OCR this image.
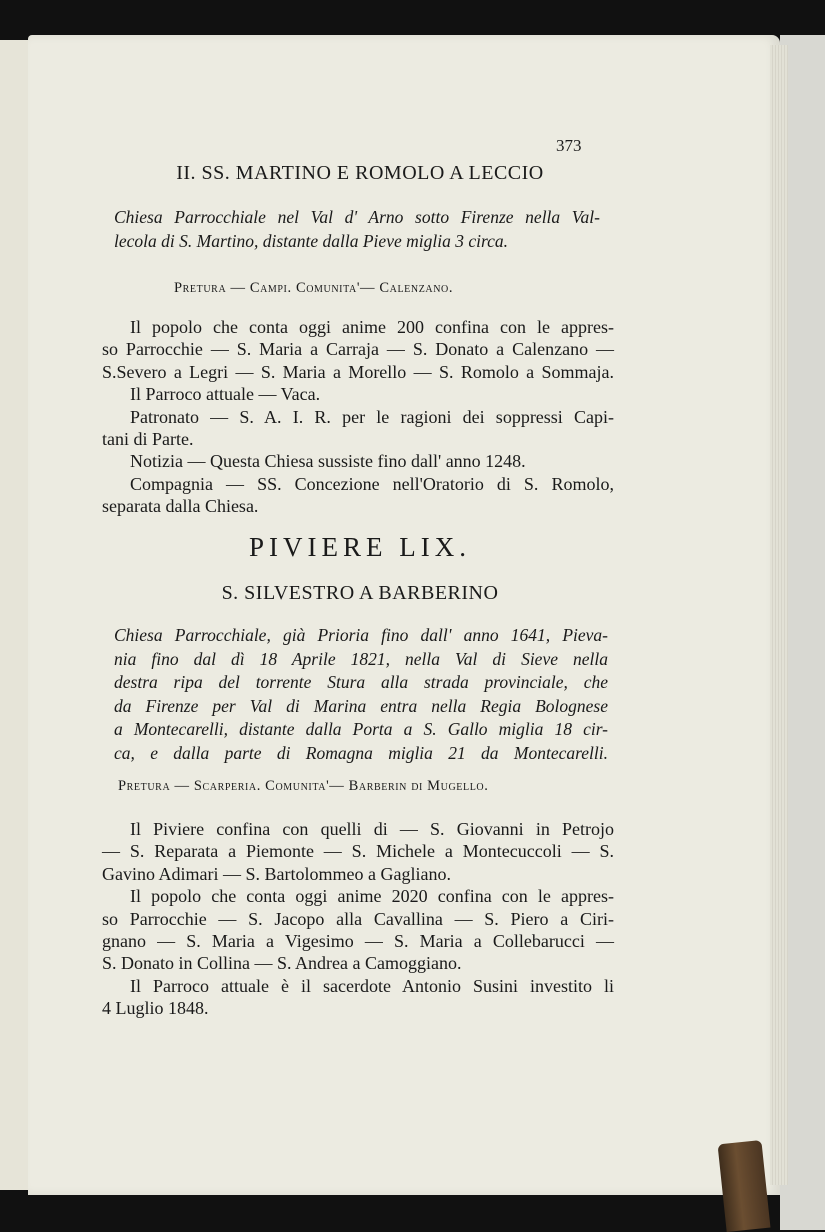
373
II. SS. MARTINO E ROMOLO A LECCIO
Chiesa Parrocchiale nel Val d' Arno sotto Firenze nella Val-
lecola di S. Martino, distante dalla Pieve miglia 3 circa.
Pretura — Campi. Comunita'— Calenzano.
Il popolo che conta oggi anime 200 confina con le appres-
so Parrocchie — S. Maria a Carraja — S. Donato a Calenzano —
S.Severo a Legri — S. Maria a Morello — S. Romolo a Sommaja.
Il Parroco attuale — Vaca.
Patronato — S. A. I. R. per le ragioni dei soppressi Capi-
tani di Parte.
Notizia — Questa Chiesa sussiste fino dall' anno 1248.
Compagnia — SS. Concezione nell'Oratorio di S. Romolo,
separata dalla Chiesa.
PIVIERE LIX.
S. SILVESTRO A BARBERINO
Chiesa Parrocchiale, già Prioria fino dall' anno 1641, Pieva-
nia fino dal dì 18 Aprile 1821, nella Val di Sieve nella
destra ripa del torrente Stura alla strada provinciale, che
da Firenze per Val di Marina entra nella Regia Bolognese
a Montecarelli, distante dalla Porta a S. Gallo miglia 18 cir-
ca, e dalla parte di Romagna miglia 21 da Montecarelli.
Pretura — Scarperia. Comunita'— Barberin di Mugello.
Il Piviere confina con quelli di — S. Giovanni in Petrojo
— S. Reparata a Piemonte — S. Michele a Montecuccoli — S.
Gavino Adimari — S. Bartolommeo a Gagliano.
Il popolo che conta oggi anime 2020 confina con le appres-
so Parrocchie — S. Jacopo alla Cavallina — S. Piero a Ciri-
gnano — S. Maria a Vigesimo — S. Maria a Collebarucci —
S. Donato in Collina — S. Andrea a Camoggiano.
Il Parroco attuale è il sacerdote Antonio Susini investito li
4 Luglio 1848.
